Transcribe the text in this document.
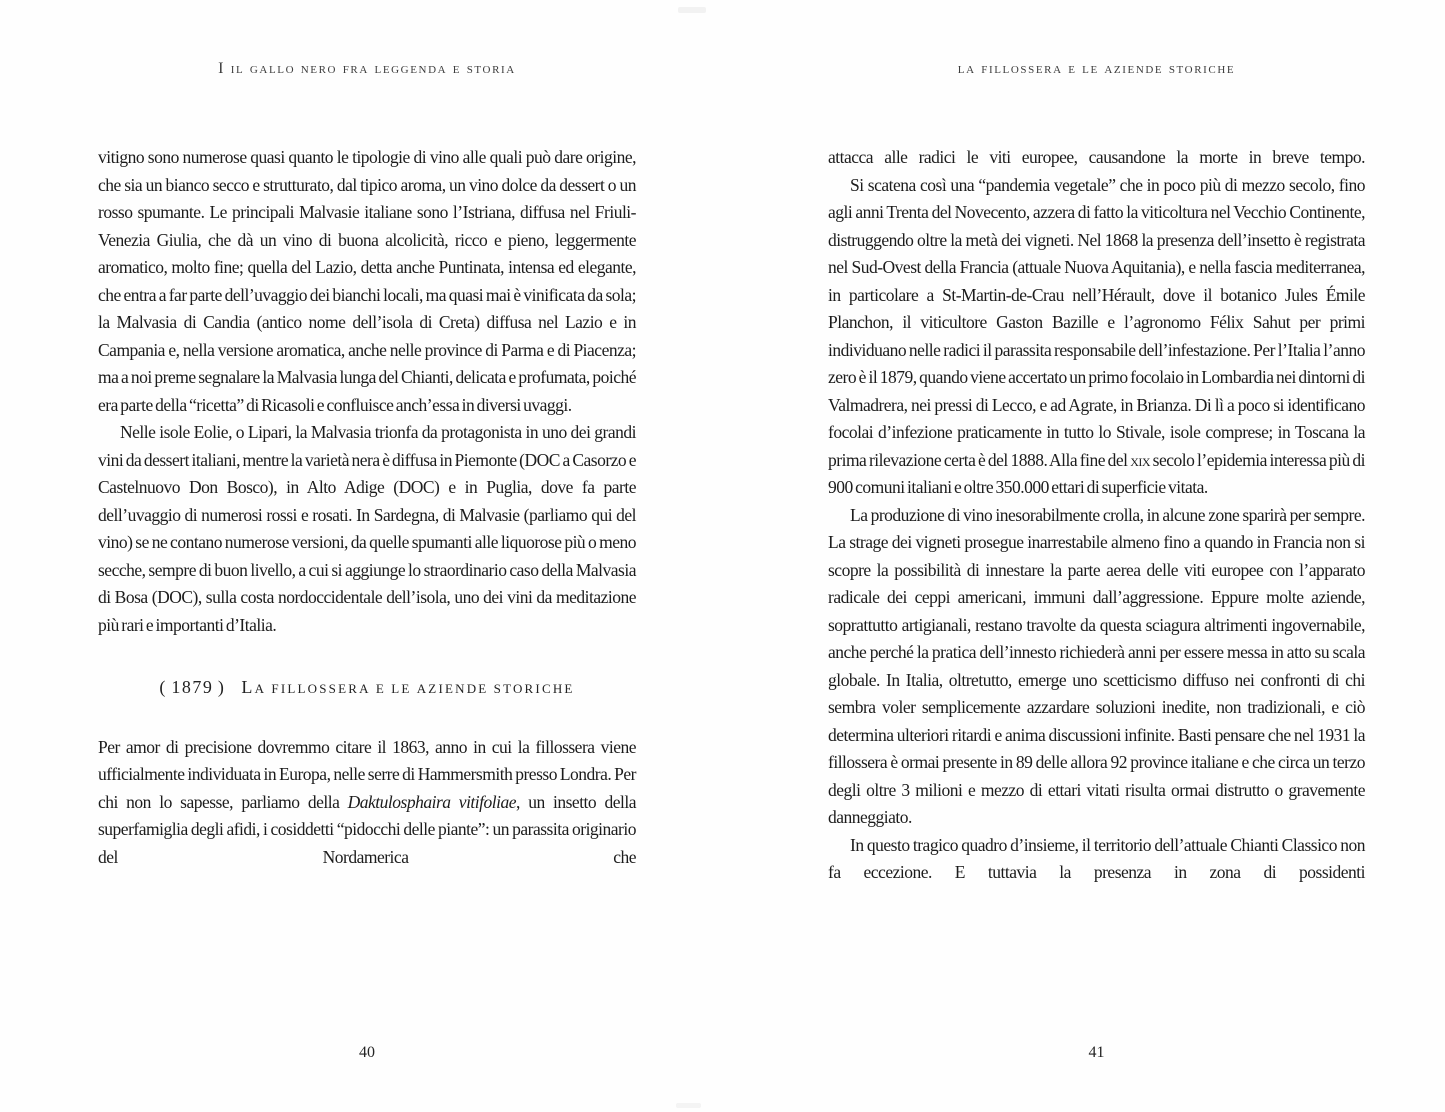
I il gallo nero fra leggenda e storia	la fillossera e le aziende storiche

vitigno sono numerose quasi quanto le tipologie di vino alle quali può dare origine, che sia un bianco secco e strutturato, dal tipico aroma, un vino dolce da dessert o un rosso spumante. Le principali Malvasie italiane sono l’Istriana, diffusa nel Friuli-Venezia Giulia, che dà un vino di buona alcolicità, ricco e pieno, leggermente aromatico, molto fine; quella del Lazio, detta anche Puntinata, intensa ed elegante, che entra a far parte dell’uvaggio dei bianchi locali, ma quasi mai è vinificata da sola; la Malvasia di Candia (antico nome dell’isola di Creta) diffusa nel Lazio e in Campania e, nella versione aromatica, anche nelle province di Parma e di Piacenza; ma a noi preme segnalare la Malvasia lunga del Chianti, delicata e profumata, poiché era parte della “ricetta” di Ricasoli e confluisce anch’essa in diversi uvaggi.

Nelle isole Eolie, o Lipari, la Malvasia trionfa da protagonista in uno dei grandi vini da dessert italiani, mentre la varietà nera è diffusa in Piemonte (DOC a Casorzo e Castelnuovo Don Bosco), in Alto Adige (DOC) e in Puglia, dove fa parte dell’uvaggio di numerosi rossi e rosati. In Sardegna, di Malvasie (parliamo qui del vino) se ne contano numerose versioni, da quelle spumanti alle liquorose più o meno secche, sempre di buon livello, a cui si aggiunge lo straordinario caso della Malvasia di Bosa (DOC), sulla costa nordoccidentale dell’isola, uno dei vini da meditazione più rari e importanti d’Italia.

( 1879 ) La fillossera e le aziende storiche

Per amor di precisione dovremmo citare il 1863, anno in cui la fillossera viene ufficialmente individuata in Europa, nelle serre di Hammersmith presso Londra. Per chi non lo sapesse, parliamo della Daktulosphaira vitifoliae, un insetto della superfamiglia degli afidi, i cosiddetti “pidocchi delle piante”: un parassita originario del Nordamerica che

attacca alle radici le viti europee, causandone la morte in breve tempo.

Si scatena così una “pandemia vegetale” che in poco più di mezzo secolo, fino agli anni Trenta del Novecento, azzera di fatto la viticoltura nel Vecchio Continente, distruggendo oltre la metà dei vigneti. Nel 1868 la presenza dell’insetto è registrata nel Sud-Ovest della Francia (attuale Nuova Aquitania), e nella fascia mediterranea, in particolare a St-Martin-de-Crau nell’Hérault, dove il botanico Jules Émile Planchon, il viticultore Gaston Bazille e l’agronomo Félix Sahut per primi individuano nelle radici il parassita responsabile dell’infestazione. Per l’Italia l’anno zero è il 1879, quando viene accertato un primo focolaio in Lombardia nei dintorni di Valmadrera, nei pressi di Lecco, e ad Agrate, in Brianza. Di lì a poco si identificano focolai d’infezione praticamente in tutto lo Stivale, isole comprese; in Toscana la prima rilevazione certa è del 1888. Alla fine del xix secolo l’epidemia interessa più di 900 comuni italiani e oltre 350.000 ettari di superficie vitata.

La produzione di vino inesorabilmente crolla, in alcune zone sparirà per sempre. La strage dei vigneti prosegue inarrestabile almeno fino a quando in Francia non si scopre la possibilità di innestare la parte aerea delle viti europee con l’apparato radicale dei ceppi americani, immuni dall’aggressione. Eppure molte aziende, soprattutto artigianali, restano travolte da questa sciagura altrimenti ingovernabile, anche perché la pratica dell’innesto richiederà anni per essere messa in atto su scala globale. In Italia, oltretutto, emerge uno scetticismo diffuso nei confronti di chi sembra voler semplicemente azzardare soluzioni inedite, non tradizionali, e ciò determina ulteriori ritardi e anima discussioni infinite. Basti pensare che nel 1931 la fillossera è ormai presente in 89 delle allora 92 province italiane e che circa un terzo degli oltre 3 milioni e mezzo di ettari vitati risulta ormai distrutto o gravemente danneggiato.

In questo tragico quadro d’insieme, il territorio dell’attuale Chianti Classico non fa eccezione. E tuttavia la presenza in zona di possidenti

40	41
